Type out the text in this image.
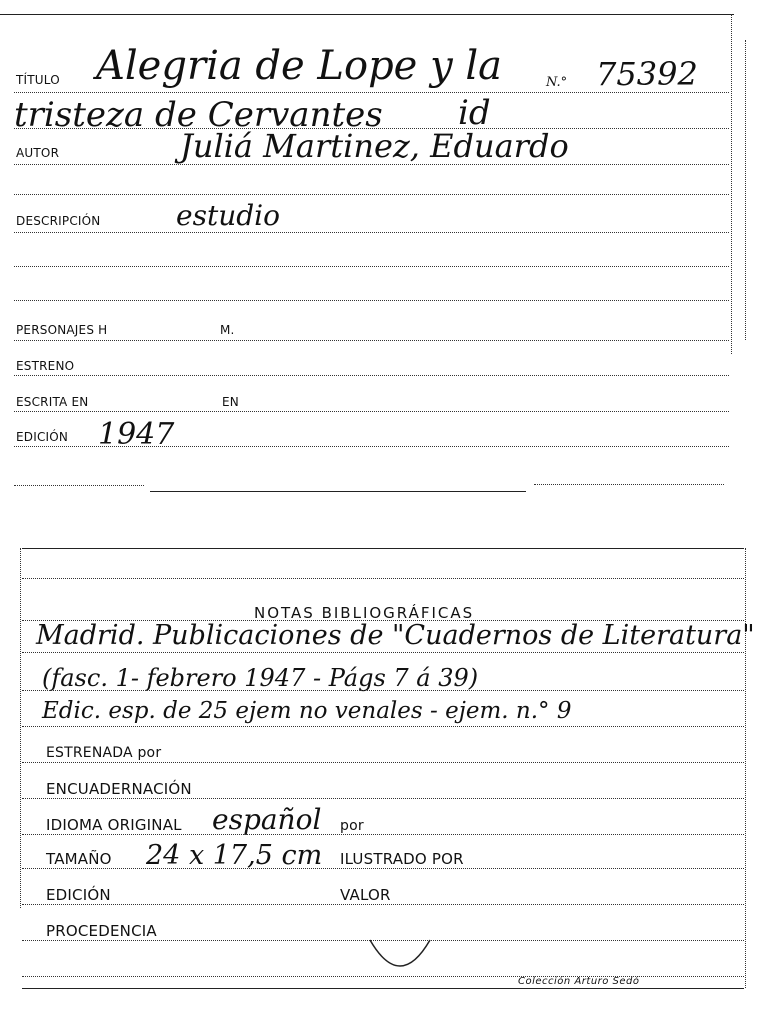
TÍTULO Alegria de Lope y la	N.° 75392
tristeza de Cervantes id
AUTOR	Juliá Martinez, Eduardo
DESCRIPCIÓN	estudio
PERSONAJES H	M.
ESTRENO
ESCRITA EN	EN
EDICIÓN 1947
NOTAS BIBLIOGRÁFICAS
Madrid. Publicaciones de "Cuadernos de Literatura"
(fasc. 1- febrero 1947 - Págs 7 á 39)
Edic. esp. de 25 ejem no venales - ejem. n.° 9
ESTRENADA por
ENCUADERNACIÓN
IDIOMA ORIGINAL español por
TAMAÑO 24 x 17,5 cm ILUSTRADO POR
EDICIÓN	VALOR
PROCEDENCIA
Colección Arturo Sedó
